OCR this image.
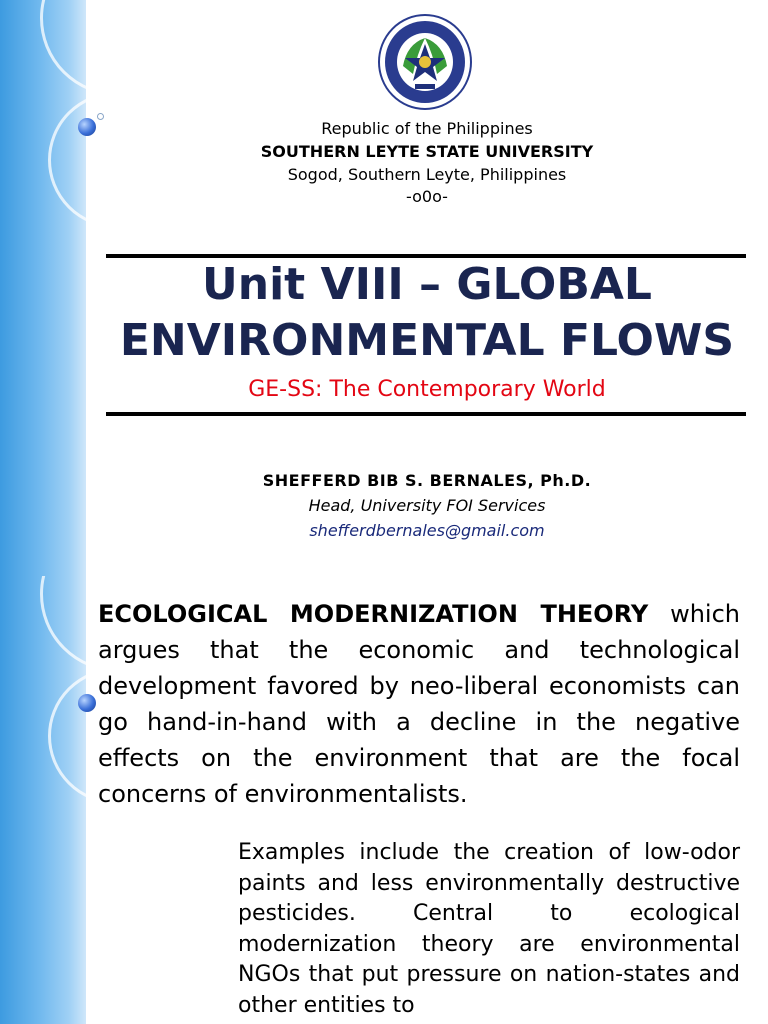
Republic of the Philippines
SOUTHERN LEYTE STATE UNIVERSITY
Sogod, Southern Leyte, Philippines
-o0o-
Unit VIII – GLOBAL
ENVIRONMENTAL FLOWS
GE-SS: The Contemporary World
SHEFFERD BIB S. BERNALES, Ph.D.
Head, University FOI Services
shefferdbernales@gmail.com
ECOLOGICAL MODERNIZATION THEORY which argues that the economic and technological development favored by neo-liberal economists can go hand-in-hand with a decline in the negative effects on the environment that are the focal concerns of environmentalists.
Examples include the creation of low-odor paints and less environmentally destructive pesticides. Central to ecological modernization theory are environmental NGOs that put pressure on nation-states and other entities to
